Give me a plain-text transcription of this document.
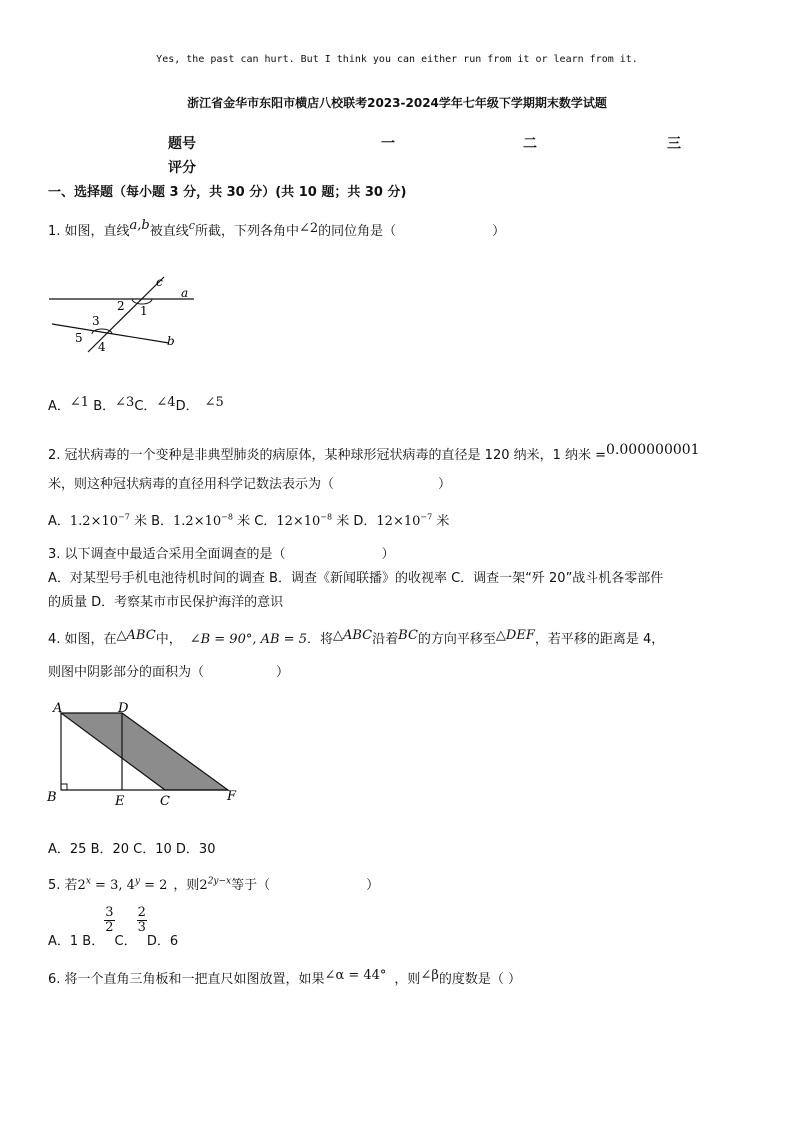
Yes, the past can hurt. But I think you can either run from it or learn from it.
浙江省金华市东阳市横店八校联考2023-2024学年七年级下学期期末数学试题
题号	一	二	三
评分
一、选择题（每小题 3 分，共 30 分）(共 10 题；共 30 分)
1. 如图，直线a,b被直线$^c$所截，下列各角中∠2的同位角是（	）
c
a
2 1
3
5
4	b
A．∠1 B．∠3C．∠4D． ∠5
2. 冠状病毒的一个变种是非典型肺炎的病原体，某种球形冠状病毒的直径是 120 纳米，1 纳米 =0.000000001
米，则这种冠状病毒的直径用科学记数法表示为（	）
A．$1.2\times 10^{-7}$ 米 B．$1.2\times 10^{-8}$ 米 C．$12\times 10^{-8}$ 米 D．$12\times 10^{-7}$ 米
3. 以下调查中最适合采用全面调查的是（	）
A．对某型号手机电池待机时间的调查 B．调查《新闻联播》的收视率 C．调查一架“歼 20”战斗机各零部件
的质量 D．考察某市市民保护海洋的意识
4. 如图，在△ABC中， ∠B = 90°, AB = 5．将△ABC沿着BC的方向平移至△DEF，若平移的距离是 4，
则图中阴影部分的面积为（	）
A	D
B	E	C	F
A．25 B．20 C．10 D．30
5. 若$2^x = 3$, $4^y = 2$ ，则$2^{2y-x}$等于（	）
A．1 B．
$\frac{3}{2}C$．
$\frac{2}{3}D$．6
6. 将一个直角三角板和一把直尺如图放置，如果∠α = 44° ，则∠β的度数是（ ）
